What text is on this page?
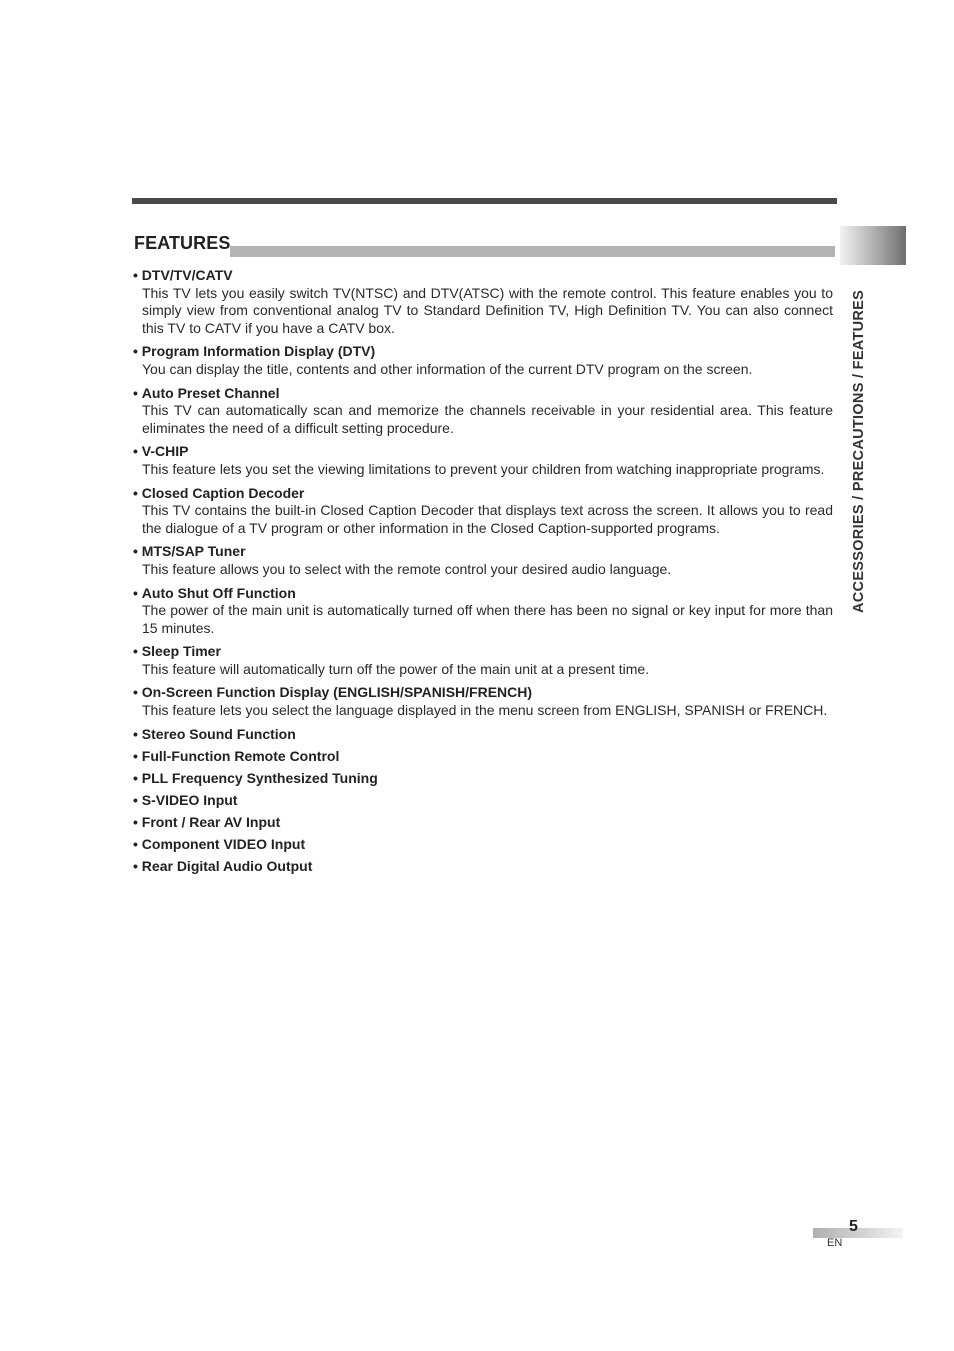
FEATURES
ACCESSORIES / PRECAUTIONS / FEATURES
• DTV/TV/CATV

This TV lets you easily switch TV(NTSC) and DTV(ATSC) with the remote control. This feature enables you to simply view from conventional analog TV to Standard Definition TV, High Definition TV. You can also connect this TV to CATV if you have a CATV box.

• Program Information Display (DTV)

You can display the title, contents and other information of the current DTV program on the screen.

• Auto Preset Channel

This TV can automatically scan and memorize the channels receivable in your residential area. This feature eliminates the need of a difficult setting procedure.

• V-CHIP

This feature lets you set the viewing limitations to prevent your children from watching inappropriate programs.

• Closed Caption Decoder

This TV contains the built-in Closed Caption Decoder that displays text across the screen. It allows you to read the dialogue of a TV program or other information in the Closed Caption-supported programs.

• MTS/SAP Tuner

This feature allows you to select with the remote control your desired audio language.

• Auto Shut Off Function

The power of the main unit is automatically turned off when there has been no signal or key input for more than 15 minutes.

• Sleep Timer

This feature will automatically turn off the power of the main unit at a present time.

• On-Screen Function Display (ENGLISH/SPANISH/FRENCH)

This feature lets you select the language displayed in the menu screen from ENGLISH, SPANISH or FRENCH.

• Stereo Sound Function
• Full-Function Remote Control
• PLL Frequency Synthesized Tuning
• S-VIDEO Input
• Front / Rear AV Input
• Component VIDEO Input
• Rear Digital Audio Output
5
EN
